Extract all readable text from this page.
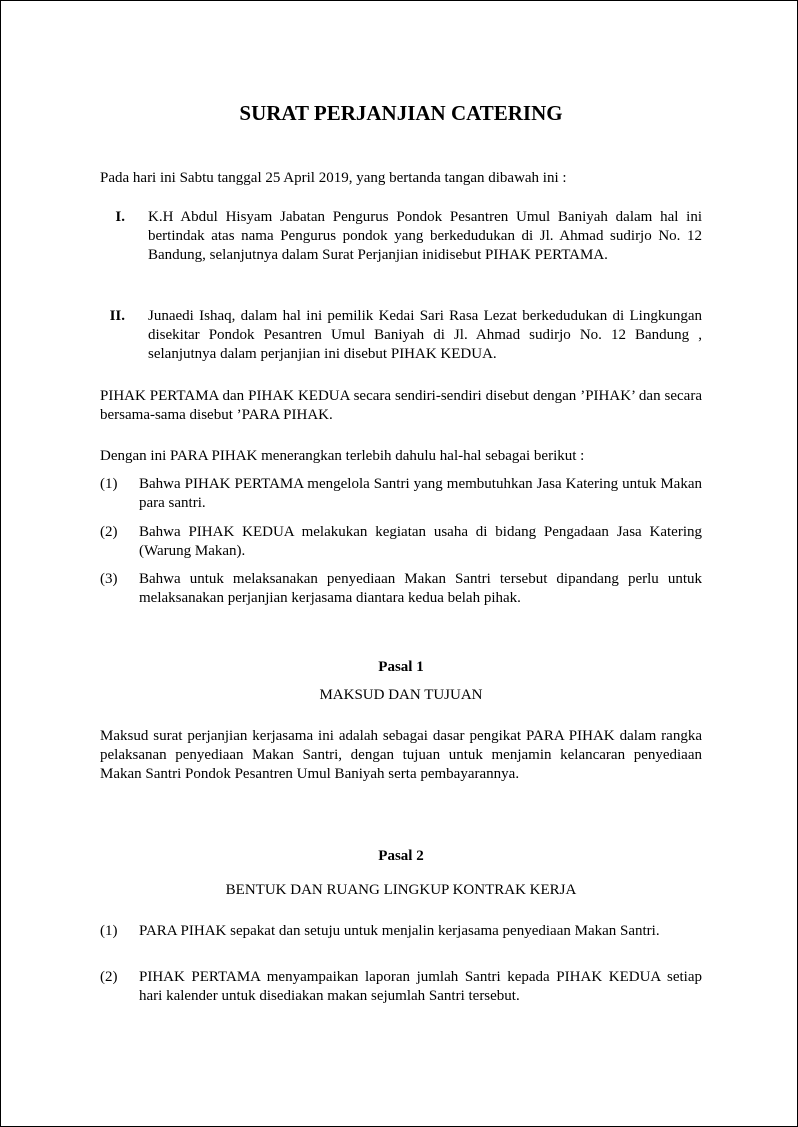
SURAT PERJANJIAN CATERING

Pada hari ini Sabtu tanggal 25 April 2019, yang bertanda tangan dibawah ini :

I. K.H Abdul Hisyam Jabatan Pengurus Pondok Pesantren Umul Baniyah dalam hal ini bertindak atas nama Pengurus pondok yang berkedudukan di Jl. Ahmad sudirjo No. 12 Bandung, selanjutnya dalam Surat Perjanjian inidisebut PIHAK PERTAMA.
II. Junaedi Ishaq, dalam hal ini pemilik Kedai Sari Rasa Lezat berkedudukan di Lingkungan disekitar Pondok Pesantren Umul Baniyah di Jl. Ahmad sudirjo No. 12 Bandung , selanjutnya dalam perjanjian ini disebut PIHAK KEDUA.

PIHAK PERTAMA dan PIHAK KEDUA secara sendiri-sendiri disebut dengan ’PIHAK’ dan secara bersama-sama disebut ’PARA PIHAK.

Dengan ini PARA PIHAK menerangkan terlebih dahulu hal-hal sebagai berikut :

(1)	Bahwa PIHAK PERTAMA mengelola Santri yang membutuhkan Jasa Katering untuk Makan para santri.
(2)	Bahwa PIHAK KEDUA melakukan kegiatan usaha di bidang Pengadaan Jasa Katering (Warung Makan).
(3)	Bahwa untuk melaksanakan penyediaan Makan Santri tersebut dipandang perlu untuk melaksanakan perjanjian kerjasama diantara kedua belah pihak.

Pasal 1

MAKSUD DAN TUJUAN

Maksud surat perjanjian kerjasama ini adalah sebagai dasar pengikat PARA PIHAK dalam rangka pelaksanan penyediaan Makan Santri, dengan tujuan untuk menjamin kelancaran penyediaan Makan Santri Pondok Pesantren Umul Baniyah serta pembayarannya.

Pasal 2

BENTUK DAN RUANG LINGKUP KONTRAK KERJA

(1)	PARA PIHAK sepakat dan setuju untuk menjalin kerjasama penyediaan Makan Santri.
(2)	PIHAK PERTAMA menyampaikan laporan jumlah Santri kepada PIHAK KEDUA setiap hari kalender untuk disediakan makan sejumlah Santri tersebut.
